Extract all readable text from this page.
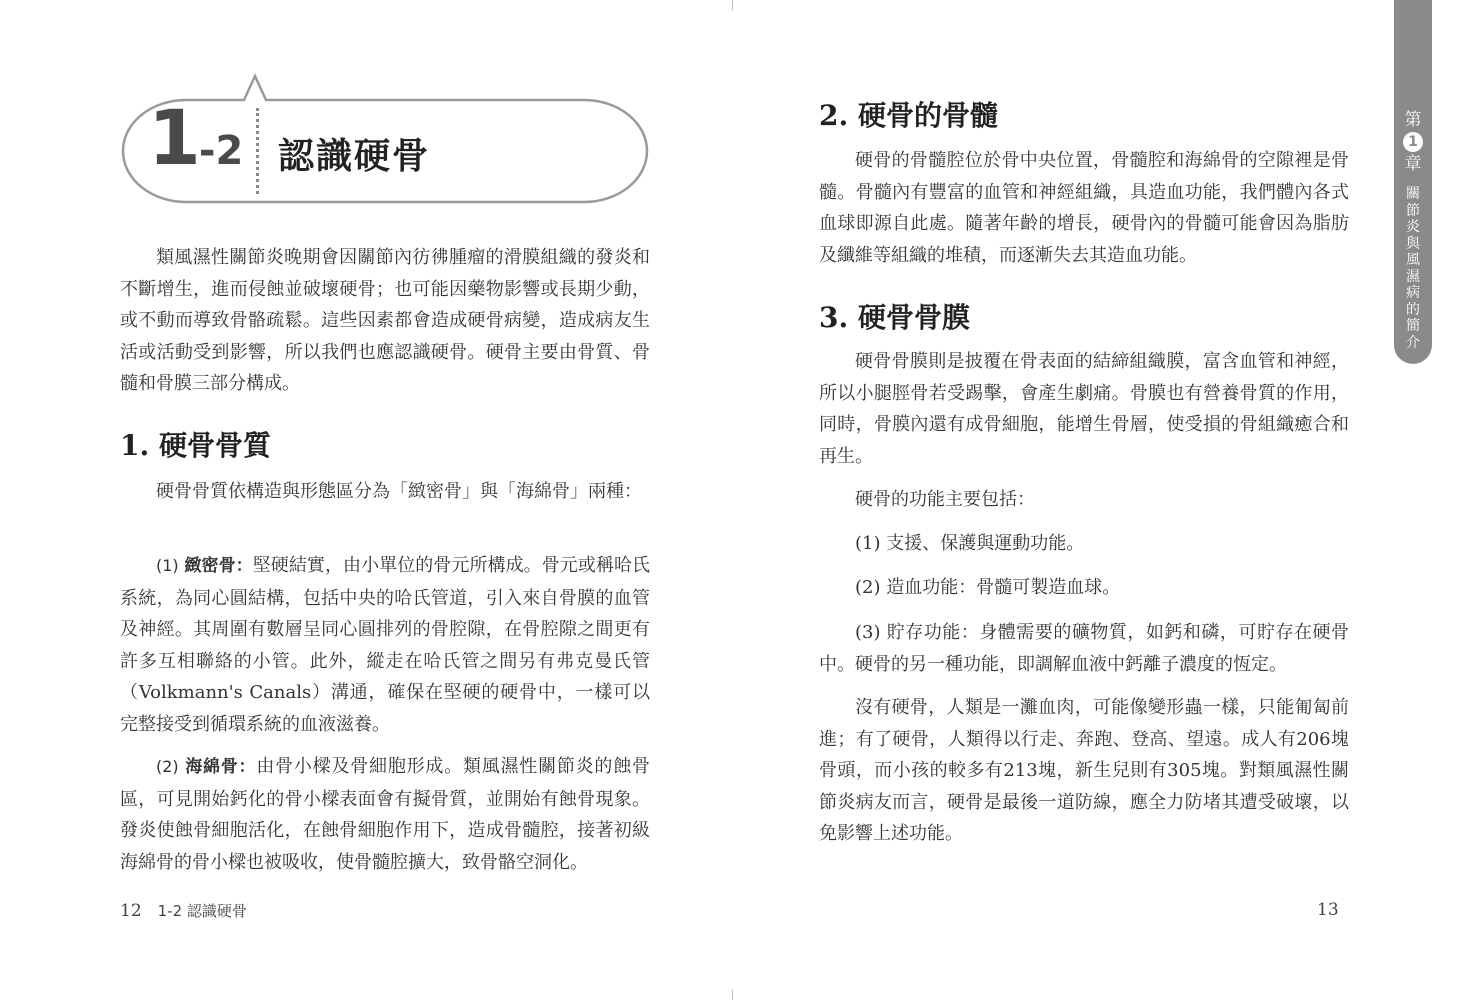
1-2 認識硬骨

類風濕性關節炎晚期會因關節內彷彿腫瘤的滑膜組織的發炎和不斷增生，進而侵蝕並破壞硬骨；也可能因藥物影響或長期少動，或不動而導致骨骼疏鬆。這些因素都會造成硬骨病變，造成病友生活或活動受到影響，所以我們也應認識硬骨。硬骨主要由骨質、骨髓和骨膜三部分構成。

1. 硬骨骨質

硬骨骨質依構造與形態區分為「緻密骨」與「海綿骨」兩種：

(1) 緻密骨：堅硬結實，由小單位的骨元所構成。骨元或稱哈氏系統，為同心圓結構，包括中央的哈氏管道，引入來自骨膜的血管及神經。其周圍有數層呈同心圓排列的骨腔隙，在骨腔隙之間更有許多互相聯絡的小管。此外，縱走在哈氏管之間另有弗克曼氏管（Volkmann's Canals）溝通，確保在堅硬的硬骨中，一樣可以完整接受到循環系統的血液滋養。

(2) 海綿骨：由骨小樑及骨細胞形成。類風濕性關節炎的蝕骨區，可見開始鈣化的骨小樑表面會有擬骨質，並開始有蝕骨現象。發炎使蝕骨細胞活化，在蝕骨細胞作用下，造成骨髓腔，接著初級海綿骨的骨小樑也被吸收，使骨髓腔擴大，致骨骼空洞化。

12 1-2 認識硬骨
2. 硬骨的骨髓

硬骨的骨髓腔位於骨中央位置，骨髓腔和海綿骨的空隙裡是骨髓。骨髓內有豐富的血管和神經組織，具造血功能，我們體內各式血球即源自此處。隨著年齡的增長，硬骨內的骨髓可能會因為脂肪及纖維等組織的堆積，而逐漸失去其造血功能。

3. 硬骨骨膜

硬骨骨膜則是披覆在骨表面的結締組織膜，富含血管和神經，所以小腿脛骨若受踢擊，會產生劇痛。骨膜也有營養骨質的作用，同時，骨膜內還有成骨細胞，能增生骨層，使受損的骨組織癒合和再生。

硬骨的功能主要包括：

(1) 支援、保護與運動功能。

(2) 造血功能：骨髓可製造血球。

(3) 貯存功能：身體需要的礦物質，如鈣和磷，可貯存在硬骨中。硬骨的另一種功能，即調解血液中鈣離子濃度的恆定。

沒有硬骨，人類是一灘血肉，可能像變形蟲一樣，只能匍匐前進；有了硬骨，人類得以行走、奔跑、登高、望遠。成人有206塊骨頭，而小孩的較多有213塊，新生兒則有305塊。對類風濕性關節炎病友而言，硬骨是最後一道防線，應全力防堵其遭受破壞，以免影響上述功能。

13
第
1
章
關節炎與風濕病的簡介
